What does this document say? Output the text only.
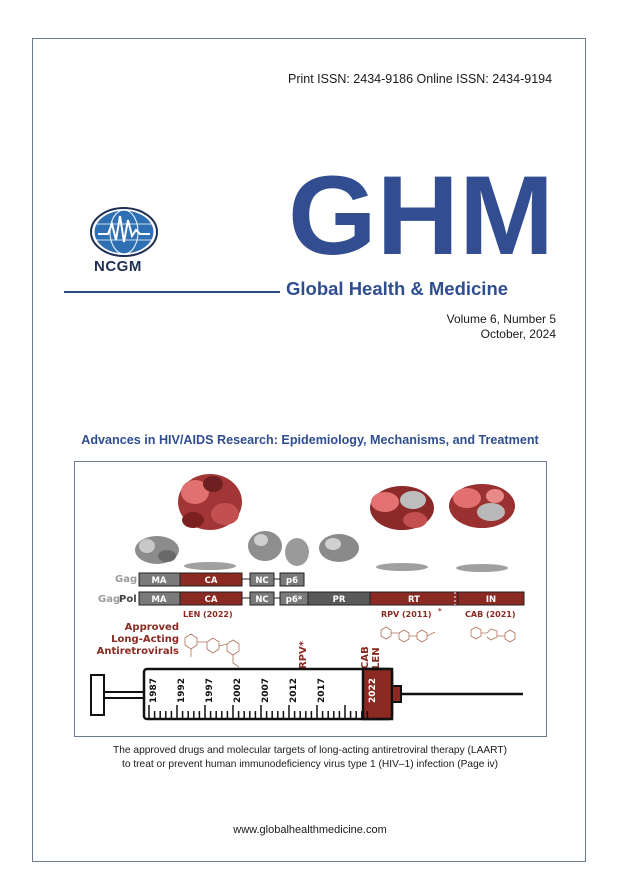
Print ISSN: 2434-9186 Online ISSN: 2434-9194
NCGM GHM
Global Health & Medicine
Volume 6, Number 5
October, 2024
Advances in HIV/AIDS Research: Epidemiology, Mechanisms, and Treatment
Gag MA	CA	NC p6
Gag
Pol MA	CA	NC p6*	PR	RT	IN
LEN (2022)	RPV (2011) *	CAB (2021)
Approved
Long-Acting
Antiretrovirals	RPV*	CAB LEN
1987 1992 1997 2002 2007 2012 2017	2022
The approved drugs and molecular targets of long-acting antiretroviral therapy (LAART)
to treat or prevent human immunodeficiency virus type 1 (HIV–1) infection (Page iv)
www.globalhealthmedicine.com
